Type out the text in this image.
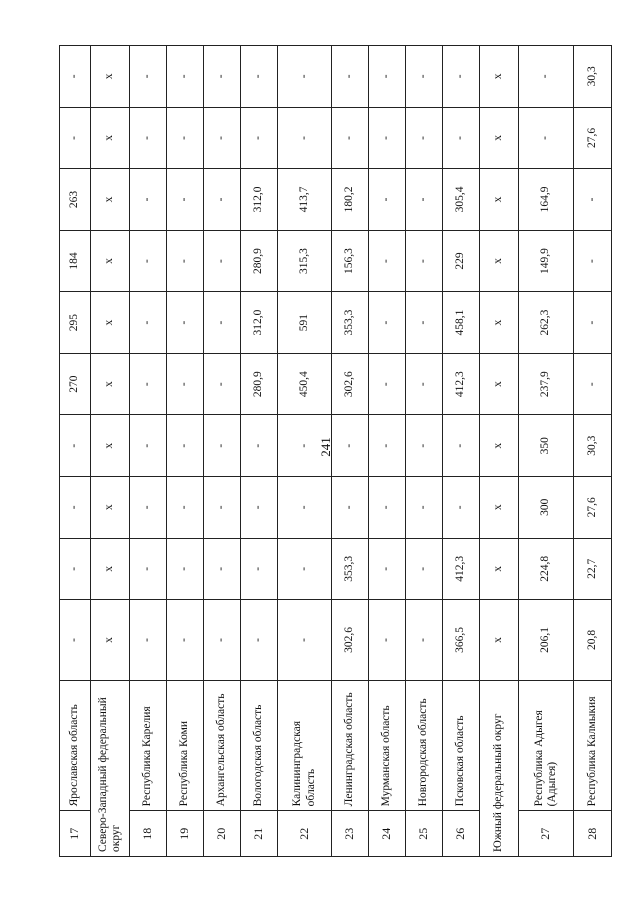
241
17	Ярославская область	-	-	-	-	270	295	184	263	-	-
Северо-Западный федеральный округ		x	x	x	x	x	x	x	x	x	x
18	Республика Карелия	-	-	-	-	-	-	-	-	-	-
19	Республика Коми	-	-	-	-	-	-	-	-	-	-
20	Архангельская область	-	-	-	-	-	-	-	-	-	-
21	Вологодская область	-	-	-	-	280,9	312,0	280,9	312,0	-	-
22	Калининградская область	-	-	-	-	450,4	591	315,3	413,7	-	-
23	Ленинградская область	302,6	353,3	-	-	302,6	353,3	156,3	180,2	-	-
24	Мурманская область	-	-	-	-	-	-	-	-	-	-
25	Новгородская область	-	-	-	-	-	-	-	-	-	-
26	Псковская область	366,5	412,3	-	-	412,3	458,1	229	305,4	-	-
Южный федеральный округ		x	x	x	x	x	x	x	x	x	x
27	Республика Адыгея (Адыгея)	206,1	224,8	300	350	237,9	262,3	149,9	164,9	-	-
28	Республика Калмыкия	20,8	22,7	27,6	30,3	-	-	-	-	27,6	30,3
